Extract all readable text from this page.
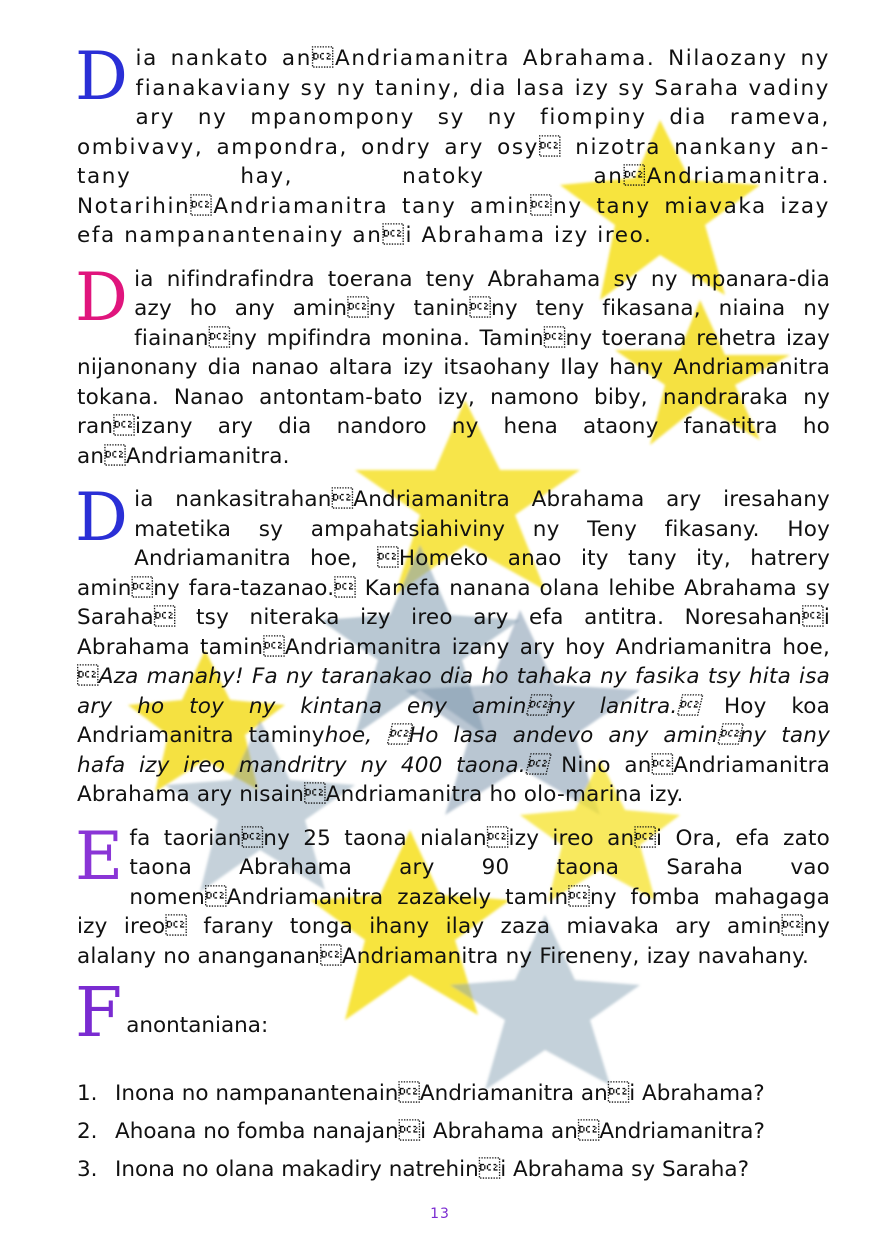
D ia nankato anAndriamanitra Abrahama. Nilaozany ny fianakaviany sy ny taniny, dia lasa izy sy Saraha vadiny ary ny mpanompony sy ny fiompiny dia rameva, ombivavy, ampondra, ondry ary osy nizotra nankany an-tany hay, natoky anAndriamanitra. NotarihinAndriamanitra tany aminny tany miavaka izay efa nampanantenainy ani Abrahama izy ireo.

D ia nifindrafindra toerana teny Abrahama sy ny mpanara-dia azy ho any aminny taninny teny fikasana, niaina ny fiainanny mpifindra monina. Taminny toerana rehetra izay nijanonany dia nanao altara izy itsaohany Ilay hany Andriamanitra tokana. Nanao antontam-bato izy, namono biby, nandraraka ny ranizany ary dia nandoro ny hena ataony fanatitra ho anAndriamanitra.

D ia nankasitrahanAndriamanitra Abrahama ary iresahany matetika sy ampahatsiahiviny ny Teny fikasany. Hoy Andriamanitra hoe, Homeko anao ity tany ity, hatrery aminny fara-tazanao. Kanefa nanana olana lehibe Abrahama sy Saraha tsy niteraka izy ireo ary efa antitra. Noresahani Abrahama taminAndriamanitra izany ary hoy Andriamanitra hoe, Aza manahy! Fa ny taranakao dia ho tahaka ny fasika tsy hita isa ary ho toy ny kintana eny aminny lanitra. Hoy koa Andriamanitra taminyhoe, Ho lasa andevo any aminny tany hafa izy ireo mandritry ny 400 taona. Nino anAndriamanitra Abrahama ary nisainAndriamanitra ho olo-marina izy.

E fa taorianny 25 taona nialanizy ireo ani Ora, efa zato taona Abrahama ary 90 taona Saraha vao nomenAndriamanitra zazakely taminny fomba mahagaga izy ireo farany tonga ihany ilay zaza miavaka ary aminny alalany no anangananAndriamanitra ny Fireneny, izay navahany.

F anontaniana:
1. Inona no nampanantenainAndriamanitra ani Abrahama?
2. Ahoana no fomba nanajani Abrahama anAndriamanitra?
3. Inona no olana makadiry natrehini Abrahama sy Saraha?
13
